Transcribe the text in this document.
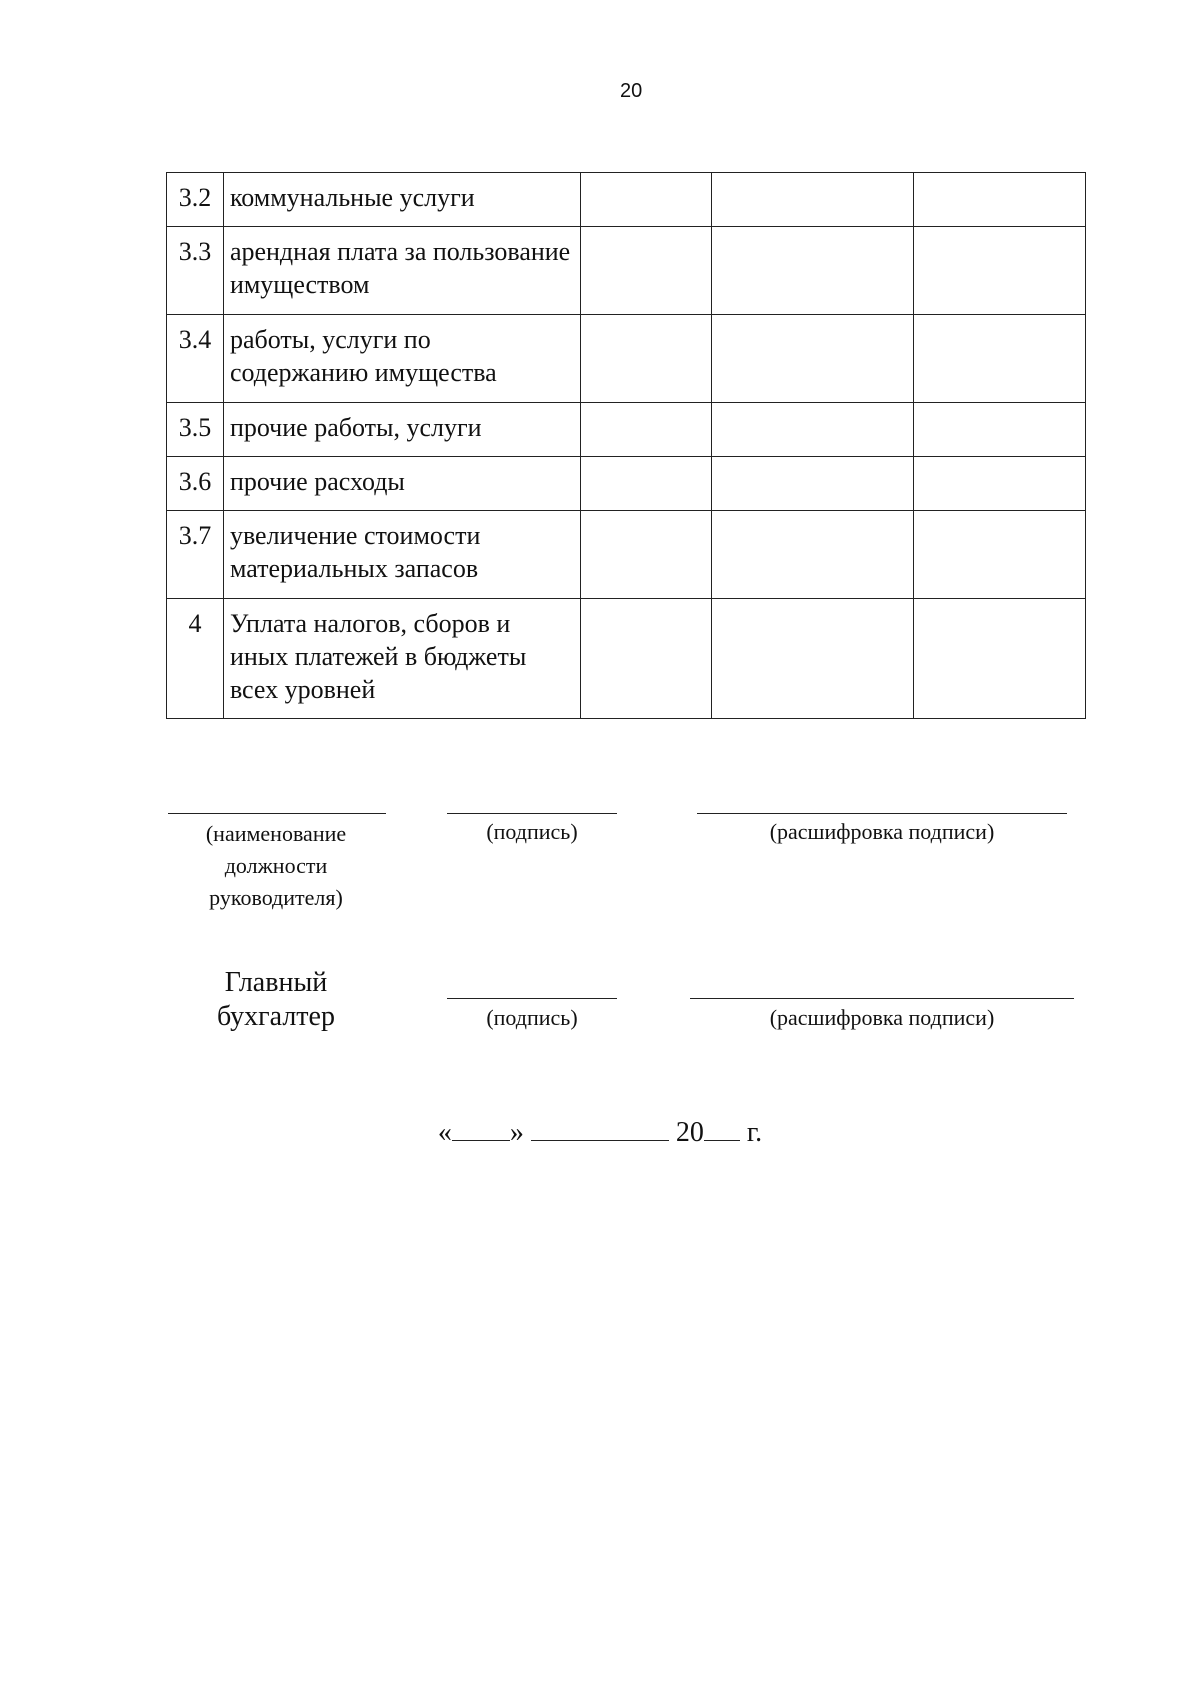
20
3.2	коммунальные услуги			
3.3	арендная плата за пользование имуществом			
3.4	работы, услуги по содержанию имущества			
3.5	прочие работы, услуги			
3.6	прочие расходы			
3.7	увеличение стоимости материальных запасов			
4	Уплата налогов, сборов и иных платежей в бюджеты всех уровней			
(наименование должности руководителя)
(подпись)	(расшифровка подписи)
Главный бухгалтер	(подпись)	(расшифровка подписи)
« »	20 г.
